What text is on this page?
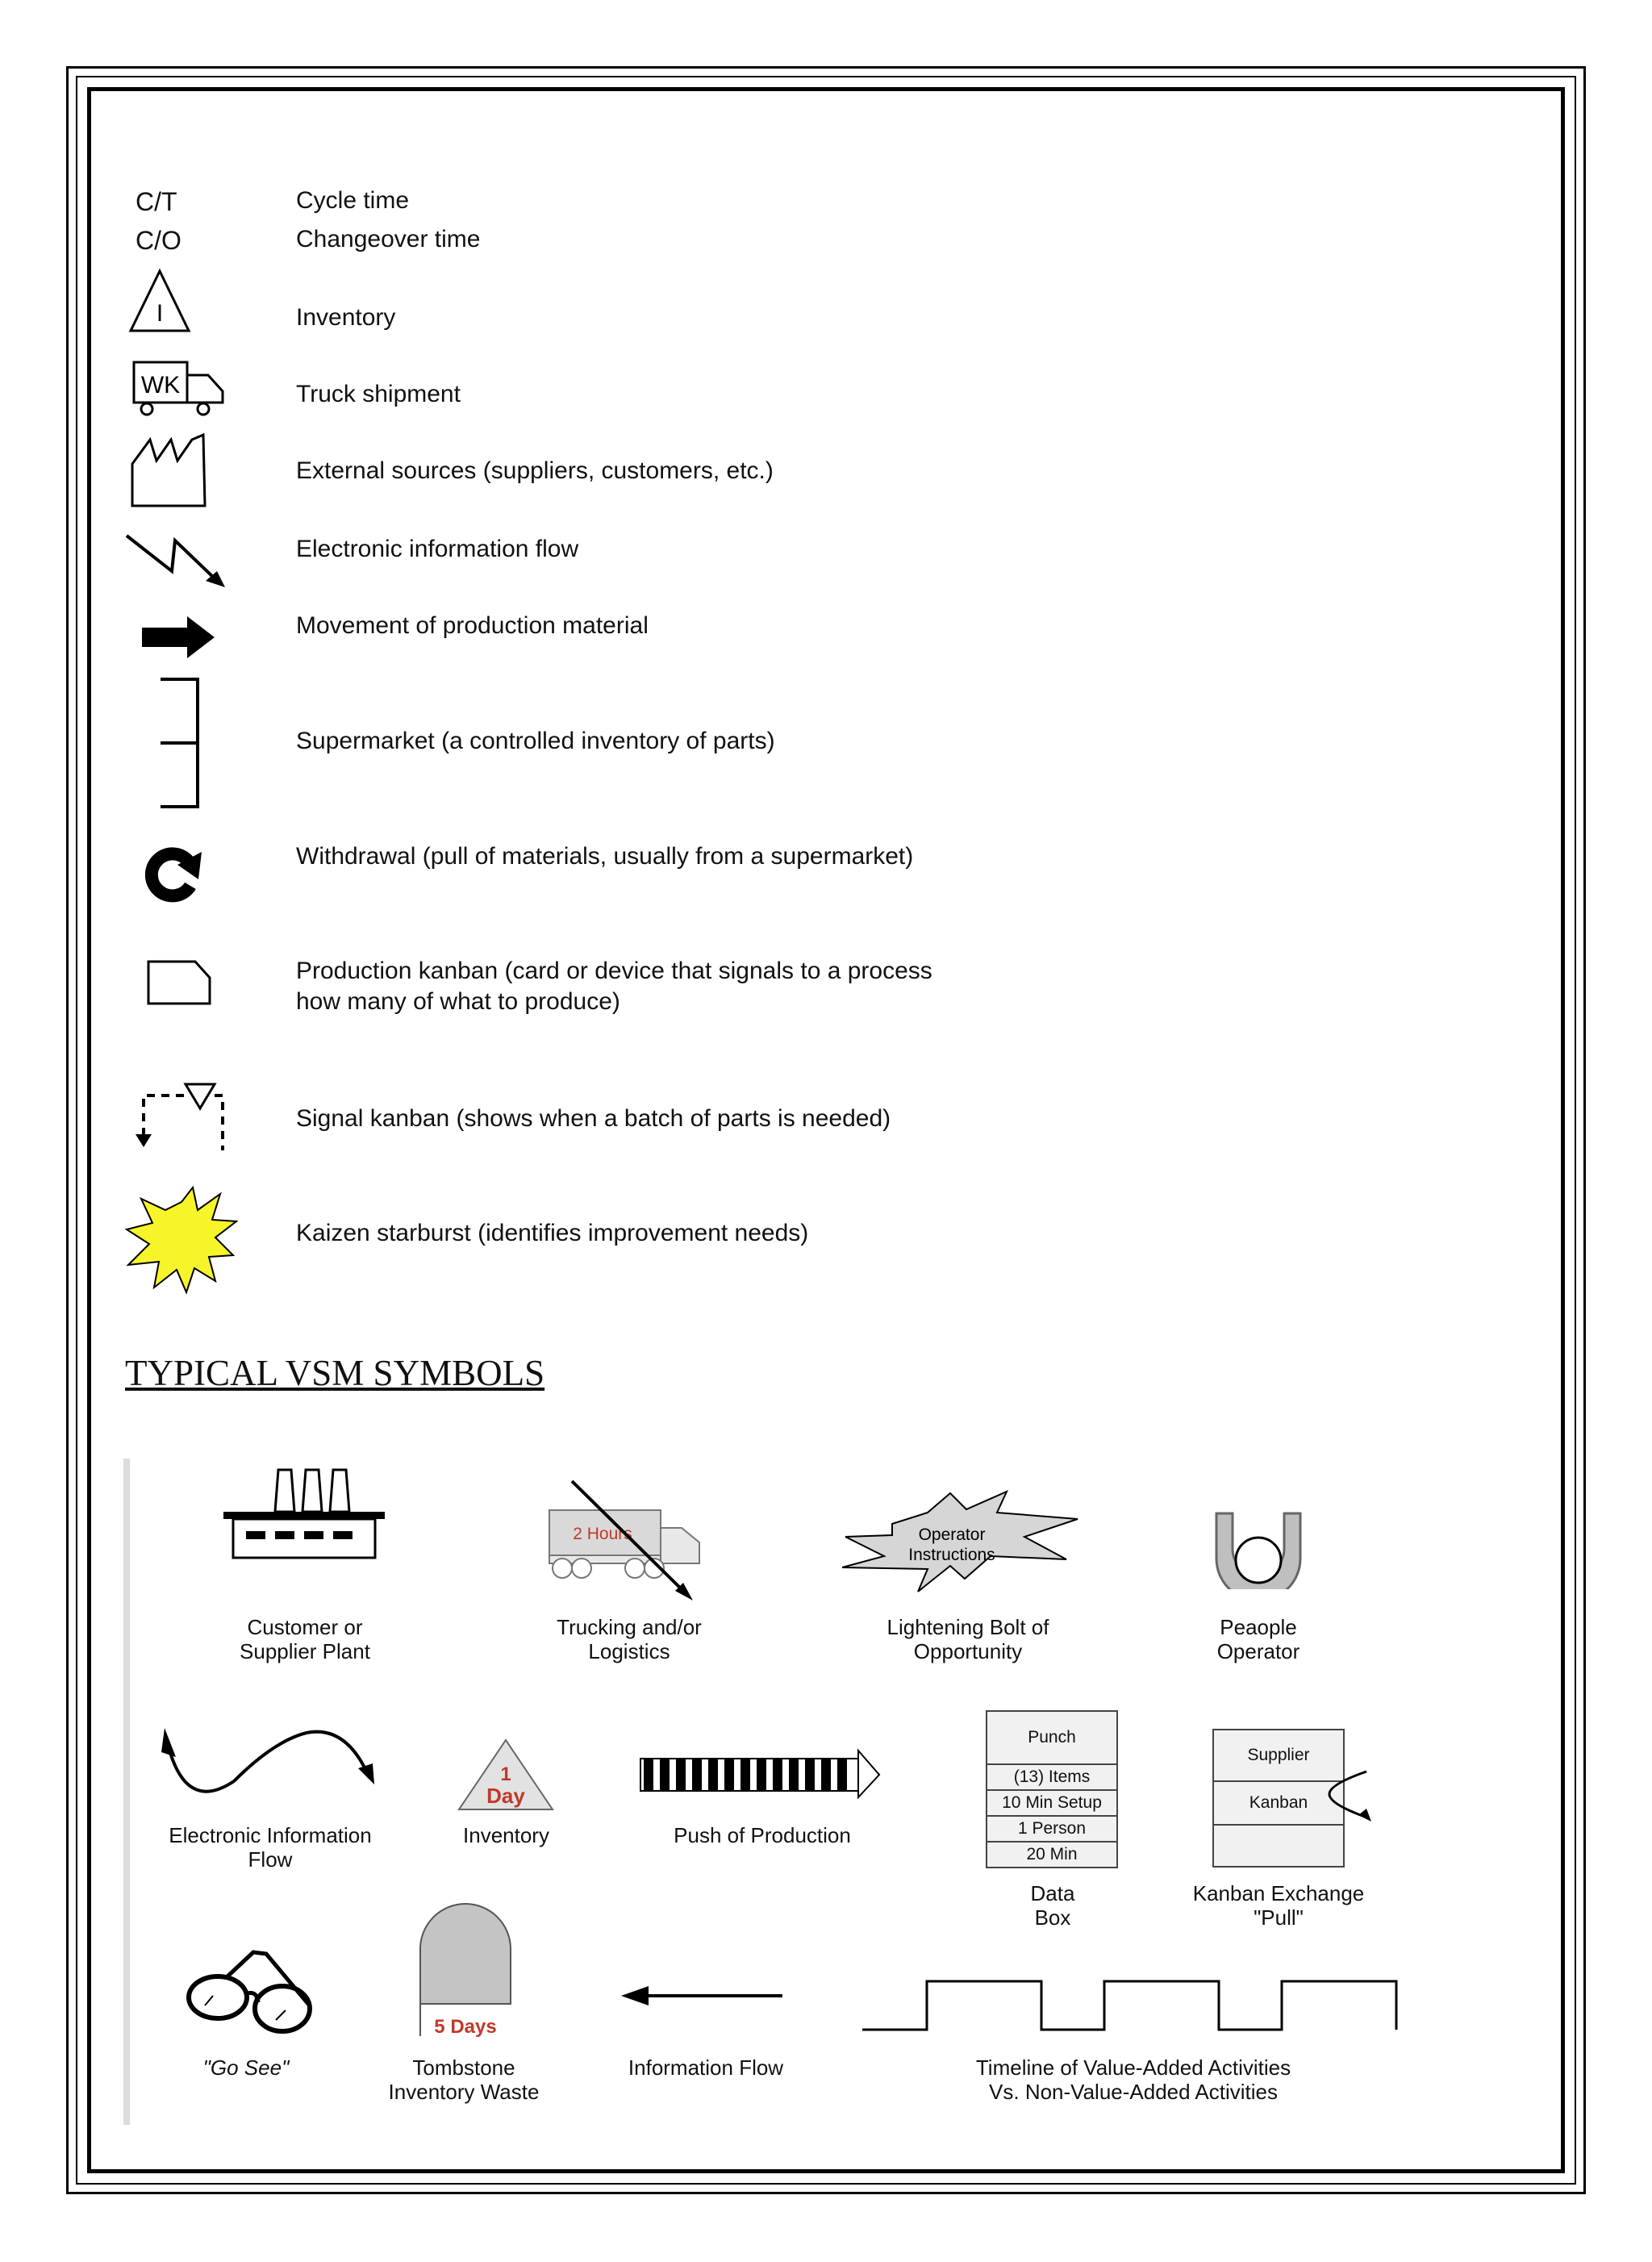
C/T	Cycle time
C/O	Changeover time
I	Inventory
WK	Truck shipment
External sources (suppliers, customers, etc.)
Electronic information flow
Movement of production material
Supermarket (a controlled inventory of parts)
Withdrawal (pull of materials, usually from a supermarket)
Production kanban (card or device that signals to a process
how many of what to produce)
Signal kanban (shows when a batch of parts is needed)
Kaizen starburst (identifies improvement needs)
TYPICAL VSM SYMBOLS
Customer or
Supplier Plant
2 Hours
Trucking and/or
Logistics
Operator
Instructions
Lightening Bolt of
Opportunity
Peaople
Operator
Electronic Information
Flow
1
Day
Inventory	Push of Production
Punch
(13) Items
10 Min Setup
1 Person
20 Min
Data
Box
Supplier
Kanban
Kanban Exchange
"Pull"
"Go See"
5 Days
Tombstone
Inventory Waste
Information Flow	Timeline of Value-Added Activities
Vs. Non-Value-Added Activities
